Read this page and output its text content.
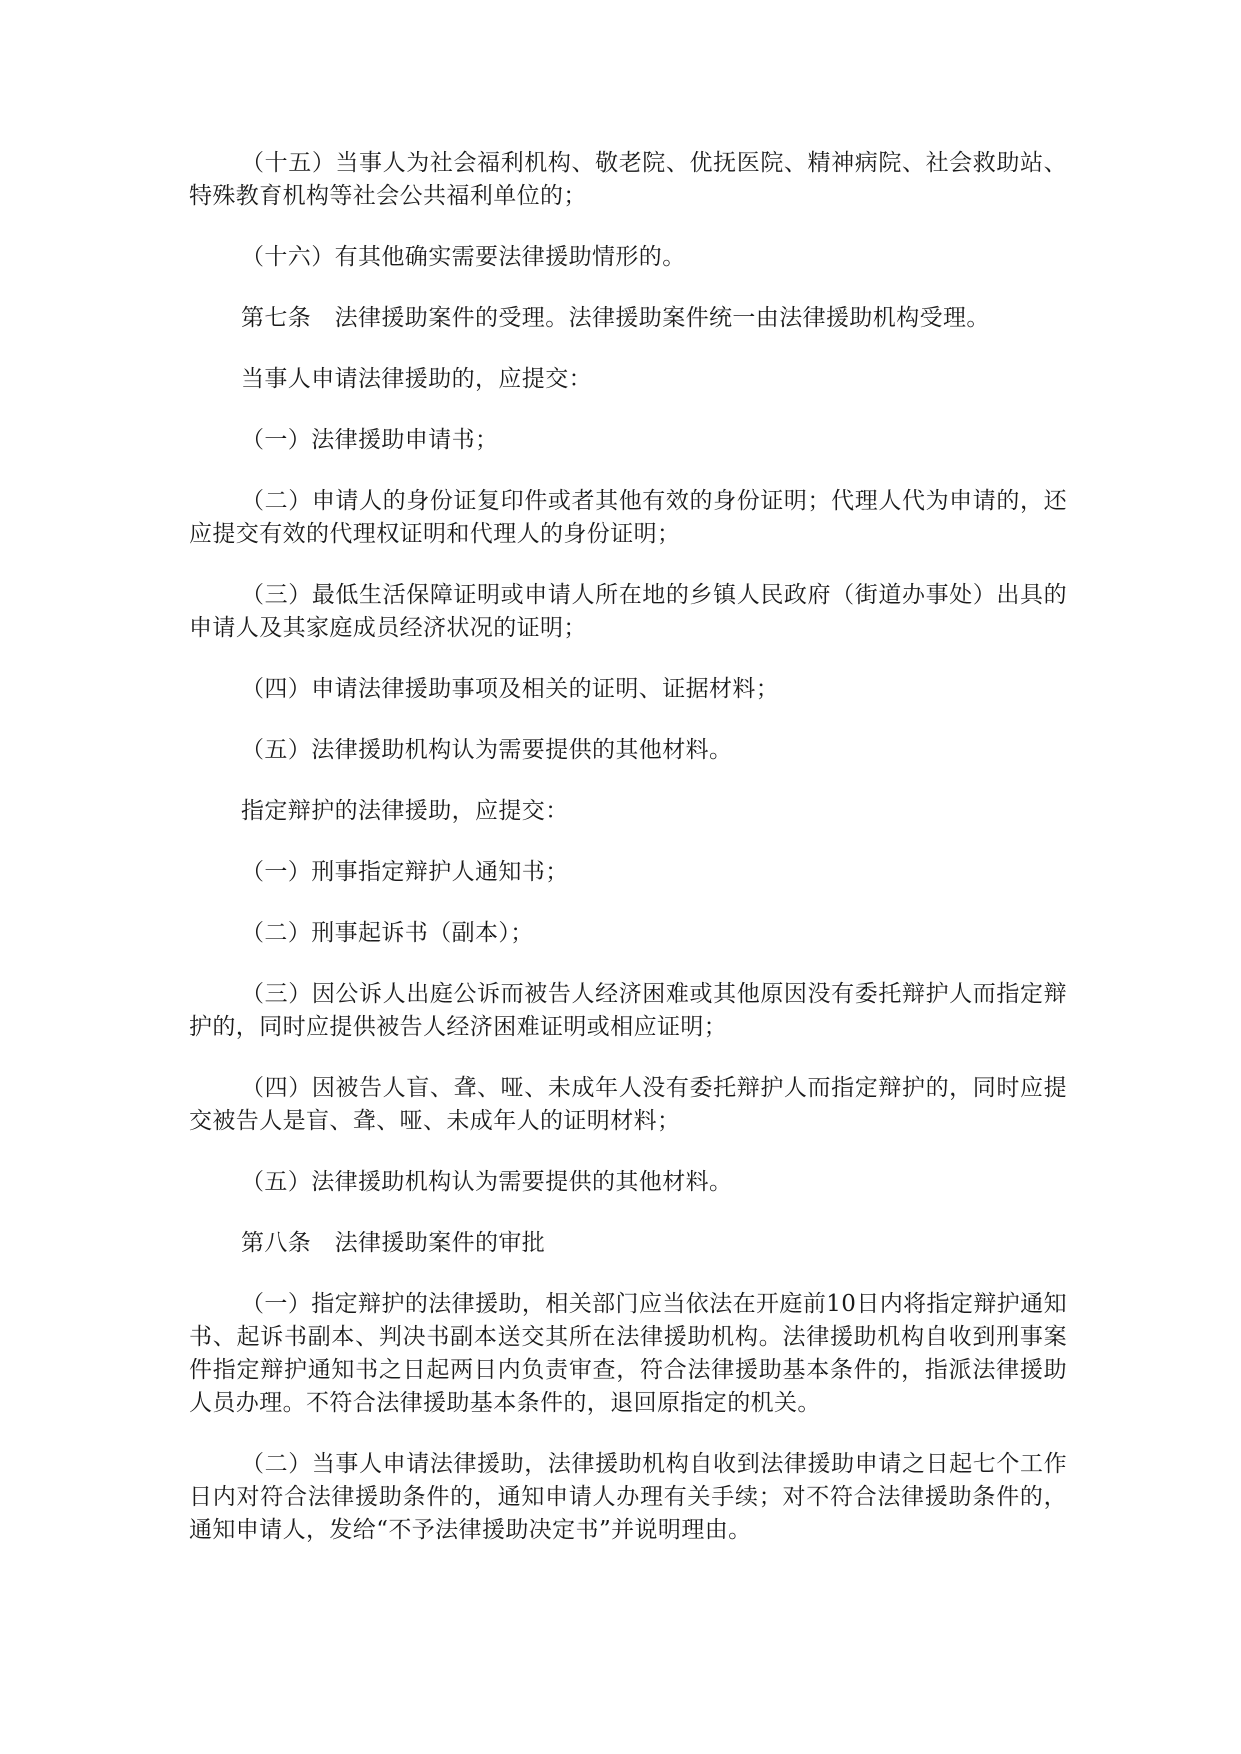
（十五）当事人为社会福利机构、敬老院、优抚医院、精神病院、社会救助站、特殊教育机构等社会公共福利单位的；

（十六）有其他确实需要法律援助情形的。

第七条　法律援助案件的受理。法律援助案件统一由法律援助机构受理。

当事人申请法律援助的，应提交：

（一）法律援助申请书；

（二）申请人的身份证复印件或者其他有效的身份证明；代理人代为申请的，还应提交有效的代理权证明和代理人的身份证明；

（三）最低生活保障证明或申请人所在地的乡镇人民政府（街道办事处）出具的申请人及其家庭成员经济状况的证明；

（四）申请法律援助事项及相关的证明、证据材料；

（五）法律援助机构认为需要提供的其他材料。

指定辩护的法律援助，应提交：

（一）刑事指定辩护人通知书；

（二）刑事起诉书（副本）；

（三）因公诉人出庭公诉而被告人经济困难或其他原因没有委托辩护人而指定辩护的，同时应提供被告人经济困难证明或相应证明；

（四）因被告人盲、聋、哑、未成年人没有委托辩护人而指定辩护的，同时应提交被告人是盲、聋、哑、未成年人的证明材料；

（五）法律援助机构认为需要提供的其他材料。

第八条　法律援助案件的审批

（一）指定辩护的法律援助，相关部门应当依法在开庭前10日内将指定辩护通知书、起诉书副本、判决书副本送交其所在法律援助机构。法律援助机构自收到刑事案件指定辩护通知书之日起两日内负责审查，符合法律援助基本条件的，指派法律援助人员办理。不符合法律援助基本条件的，退回原指定的机关。

（二）当事人申请法律援助，法律援助机构自收到法律援助申请之日起七个工作日内对符合法律援助条件的，通知申请人办理有关手续；对不符合法律援助条件的，通知申请人，发给“不予法律援助决定书”并说明理由。
